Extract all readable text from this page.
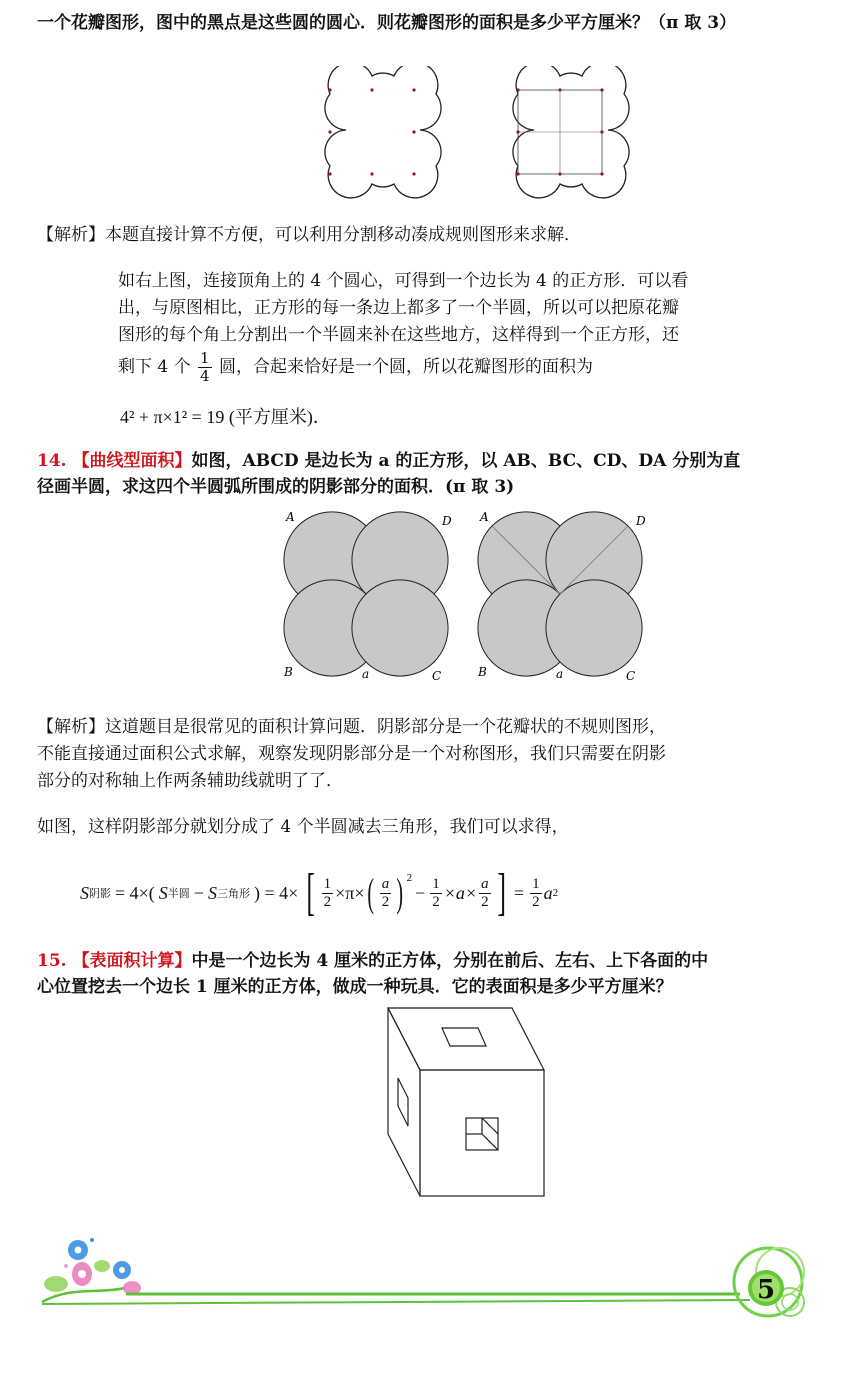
一个花瓣图形，图中的黑点是这些圆的圆心．则花瓣图形的面积是多少平方厘米？（π 取 3）
【解析】本题直接计算不方便，可以利用分割移动凑成规则图形来求解．
如右上图，连接顶角上的 4 个圆心，可得到一个边长为 4 的正方形．可以看
出，与原图相比，正方形的每一条边上都多了一个半圆，所以可以把原花瓣
图形的每个角上分割出一个半圆来补在这些地方，这样得到一个正方形，还
剩下 4 个 $\frac{1}{4}$ 圆，合起来恰好是一个圆，所以花瓣图形的面积为
4² + π×1² = 19 (平方厘米)．
14. 【曲线型面积】如图，ABCD 是边长为 a 的正方形，以 AB、BC、CD、DA 分别为直
径画半圆，求这四个半圆弧所围成的阴影部分的面积．(π 取 3)
A	D
B	C
a
A	D
B	C
a
【解析】这道题目是很常见的面积计算问题．阴影部分是一个花瓣状的不规则图形，
不能直接通过面积公式求解，观察发现阴影部分是一个对称图形，我们只需要在阴影
部分的对称轴上作两条辅助线就明了了．
如图，这样阴影部分就划分成了 4 个半圆减去三角形，我们可以求得，
S 阴影 = 4×( S 半圆 − S 三角形 ) = 4× [ $\frac{1}{2} \times\pi\times$ ( $\frac{a}{2}$ ) $^2$
− $\frac{1}{2} \times a\times \frac{a}{2}$ ] = $\frac{1}{2}$ a 2
15. 【表面积计算】中是一个边长为 4 厘米的正方体，分别在前后、左右、上下各面的中
心位置挖去一个边长 1 厘米的正方体，做成一种玩具．它的表面积是多少平方厘米？
5
